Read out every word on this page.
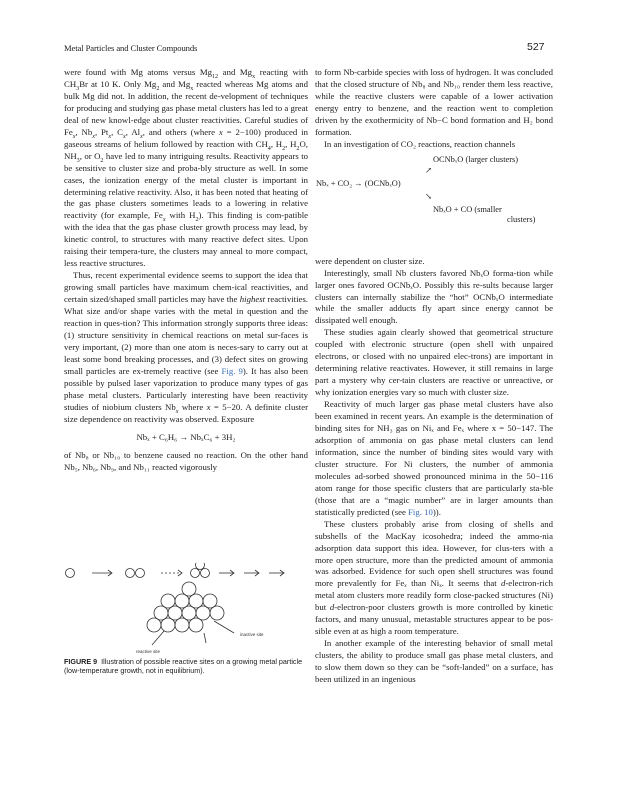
Metal Particles and Cluster Compounds	527

were found with Mg atoms versus $Mg_{12}$ and $Mg_x$ reacting with $CH_3Br$ at 10 K. Only $Mg_2$ and $Mg_x$ reacted whereas Mg atoms and bulk Mg did not. In addition, the recent de-velopment of techniques for producing and studying gas phase metal clusters has led to a great deal of new knowl-edge about cluster reactivities. Careful studies of $Fe_x$, $Nb_x$, $Pt_x$, $C_x$, $Al_x$, and others (where x = 2−100) produced in gaseous streams of helium followed by reaction with $CH_4$, $H_2$, $H_2O$, $NH_3$, or $O_2$ have led to many intriguing results. Reactivity appears to be sensitive to cluster size and proba-bly structure as well. In some cases, the ionization energy of the metal cluster is important in determining relative reactivity. Also, it has been noted that heating of the gas phase clusters sometimes leads to a lowering in relative reactivity (for example, $Fe_x$ with $H_2$). This finding is com-patible with the idea that the gas phase cluster growth process may lead, by kinetic control, to structures with many reactive defect sites. Upon raising their tempera-ture, the clusters may anneal to more compact, less reactive structures.

Thus, recent experimental evidence seems to support the idea that growing small particles have maximum chem-ical reactivities, and certain sized/shaped small particles may have the highest reactivities. What size and/or shape varies with the metal in question and the reaction in ques-tion? This information strongly supports three ideas: (1) structure sensitivity in chemical reactions on metal sur-faces is very important, (2) more than one atom is neces-sary to carry out at least some bond breaking processes, and (3) defect sites on growing small particles are ex-tremely reactive (see Fig. 9). It has also been possible by pulsed laser vaporization to produce many types of gas phase metal clusters. Particularly interesting have been reactivity studies of niobium clusters $Nb_x$ where x = 5−20. A definite cluster size dependence on reactivity was observed. Exposure

Nbₓ + C₆H₆ → NbₓC₆ + 3H₂

of Nb₈ or Nb₁₀ to benzene caused no reaction. On the other hand Nb₅, Nb₆, Nb₉, and Nb₁₁ reacted vigorously

inactive site
reactive site
FIGURE 9 Illustration of possible reactive sites on a growing metal particle (low-temperature growth, not in equilibrium).

to form Nb-carbide species with loss of hydrogen. It was concluded that the closed structure of Nb₈ and Nb₁₀ render them less reactive, while the reactive clusters were capable of a lower activation energy entry to benzene, and the reaction went to completion driven by the exothermicity of Nb−C bond formation and H₂ bond formation.

In an investigation of CO₂ reactions, reaction channels

OCNbₓO (larger clusters)
↗
Nbₓ + CO₂ → (OCNbₓO)
↘
NbₓO + CO (smaller
clusters)

were dependent on cluster size.

Interestingly, small Nb clusters favored NbₓO forma-tion while larger ones favored OCNbₓO. Possibly this re-sults because larger clusters can internally stabilize the “hot” OCNbₓO intermediate while the smaller adducts fly apart since energy cannot be dissipated well enough.

These studies again clearly showed that geometrical structure coupled with electronic structure (open shell with unpaired electrons, or closed with no unpaired elec-trons) are important in determining relative reactivates. However, it still remains in large part a mystery why cer-tain clusters are reactive or unreactive, or why ionization energies vary so much with cluster size.

Reactivity of much larger gas phase metal clusters have also been examined in recent years. An example is the determination of binding sites for NH₃ gas on Niₓ and Feₓ where x = 50−147. The adsorption of ammonia on gas phase metal clusters can lend information, since the number of binding sites would vary with cluster structure. For Ni clusters, the number of ammonia molecules ad-sorbed showed pronounced minima in the 50−116 atom range for those specific clusters that are particularly sta-ble (those that are a “magic number” are in larger amounts than statistically predicted (see Fig. 10)).

These clusters probably arise from closing of shells and subshells of the MacKay icosohedra; indeed the ammo-nia adsorption data support this idea. However, for clus-ters with a more open structure, more than the predicted amount of ammonia was adsorbed. Evidence for such open shell structures was found more prevalently for Feₓ than Niₓ. It seems that d-electron-rich metal atom clusters more readily form close-packed structures (Ni) but d-electron-poor clusters growth is more controlled by kinetic factors, and many unusual, metastable structures appear to be pos-sible even at as high a room temperature.

In another example of the interesting behavior of small metal clusters, the ability to produce small gas phase metal clusters, and to slow them down so they can be “soft-landed” on a surface, has been utilized in an ingenious
